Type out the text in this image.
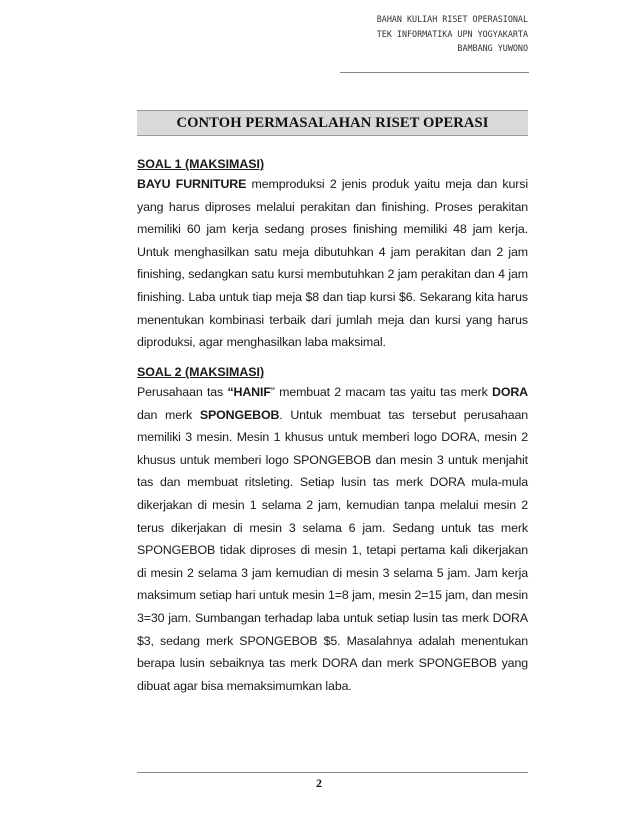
BAHAN KULIAH RISET OPERASIONAL
TEK INFORMATIKA UPN YOGYAKARTA
BAMBANG YUWONO
CONTOH PERMASALAHAN RISET OPERASI

SOAL 1 (MAKSIMASI)

BAYU FURNITURE memproduksi 2 jenis produk yaitu meja dan kursi yang harus diproses melalui perakitan dan finishing. Proses perakitan memiliki 60 jam kerja sedang proses finishing memiliki 48 jam kerja. Untuk menghasilkan satu meja dibutuhkan 4 jam perakitan dan 2 jam finishing, sedangkan satu kursi membutuhkan 2 jam perakitan dan 4 jam finishing. Laba untuk tiap meja $8 dan tiap kursi $6. Sekarang kita harus menentukan kombinasi terbaik dari jumlah meja dan kursi yang harus diproduksi, agar menghasilkan laba maksimal.

SOAL 2 (MAKSIMASI)

Perusahaan tas “HANIF” membuat 2 macam tas yaitu tas merk DORA dan merk SPONGEBOB. Untuk membuat tas tersebut perusahaan memiliki 3 mesin. Mesin 1 khusus untuk memberi logo DORA, mesin 2 khusus untuk memberi logo SPONGEBOB dan mesin 3 untuk menjahit tas dan membuat ritsleting. Setiap lusin tas merk DORA mula-mula dikerjakan di mesin 1 selama 2 jam, kemudian tanpa melalui mesin 2 terus dikerjakan di mesin 3 selama 6 jam. Sedang untuk tas merk SPONGEBOB tidak diproses di mesin 1, tetapi pertama kali dikerjakan di mesin 2 selama 3 jam kemudian di mesin 3 selama 5 jam. Jam kerja maksimum setiap hari untuk mesin 1=8 jam, mesin 2=15 jam, dan mesin 3=30 jam. Sumbangan terhadap laba untuk setiap lusin tas merk DORA $3, sedang merk SPONGEBOB $5. Masalahnya adalah menentukan berapa lusin sebaiknya tas merk DORA dan merk SPONGEBOB yang dibuat agar bisa memaksimumkan laba.

2
